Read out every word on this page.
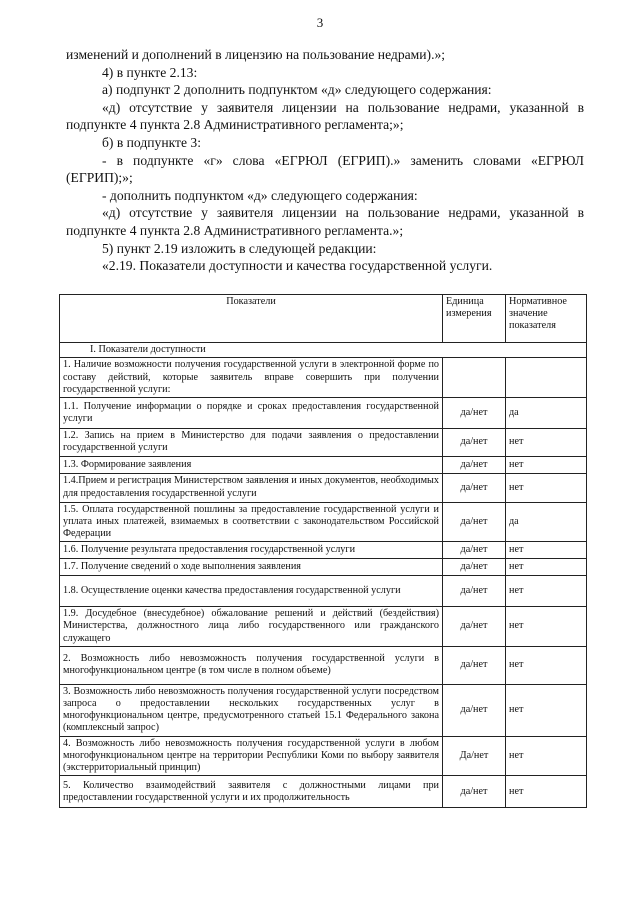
3

изменений и дополнений в лицензию на пользование недрами).»;

4) в пункте 2.13:

а) подпункт 2 дополнить подпунктом «д» следующего содержания:

«д) отсутствие у заявителя лицензии на пользование недрами, указанной в подпункте 4 пункта 2.8 Административного регламента;»;

б) в подпункте 3:

- в подпункте «г» слова «ЕГРЮЛ (ЕГРИП).» заменить словами «ЕГРЮЛ (ЕГРИП);»;

- дополнить подпунктом «д» следующего содержания:

«д) отсутствие у заявителя лицензии на пользование недрами, указанной в подпункте 4 пункта 2.8 Административного регламента.»;

5) пункт 2.19 изложить в следующей редакции:

«2.19. Показатели доступности и качества государственной услуги.

Показатели	Единица измерения	Нормативное значение показателя
I. Показатели доступности		
1. Наличие возможности получения государственной услуги в электронной форме по составу действий, которые заявитель вправе совершить при получении государственной услуги:		
1.1. Получение информации о порядке и сроках предоставления государственной услуги	да/нет	да
1.2. Запись на прием в Министерство для подачи заявления о предоставлении государственной услуги	да/нет	нет
1.3. Формирование заявления	да/нет	нет
1.4.Прием и регистрация Министерством заявления и иных документов, необходимых для предоставления государственной услуги	да/нет	нет
1.5. Оплата государственной пошлины за предоставление государственной услуги и уплата иных платежей, взимаемых в соответствии с законодательством Российской Федерации	да/нет	да
1.6. Получение результата предоставления государственной услуги	да/нет	нет
1.7. Получение сведений о ходе выполнения заявления	да/нет	нет
1.8. Осуществление оценки качества предоставления государственной услуги	да/нет	нет
1.9. Досудебное (внесудебное) обжалование решений и действий (бездействия) Министерства, должностного лица либо государственного или гражданского служащего	да/нет	нет
2. Возможность либо невозможность получения государственной услуги в многофункциональном центре (в том числе в полном объеме)	да/нет	нет
3. Возможность либо невозможность получения государственной услуги посредством запроса о предоставлении нескольких государственных услуг в многофункциональном центре, предусмотренного статьей 15.1 Федерального закона (комплексный запрос)	да/нет	нет
4. Возможность либо невозможность получения государственной услуги в любом многофункциональном центре на территории Республики Коми по выбору заявителя (экстерриториальный принцип)	Да/нет	нет
5. Количество взаимодействий заявителя с должностными лицами при предоставлении государственной услуги и их продолжительность	да/нет	нет
